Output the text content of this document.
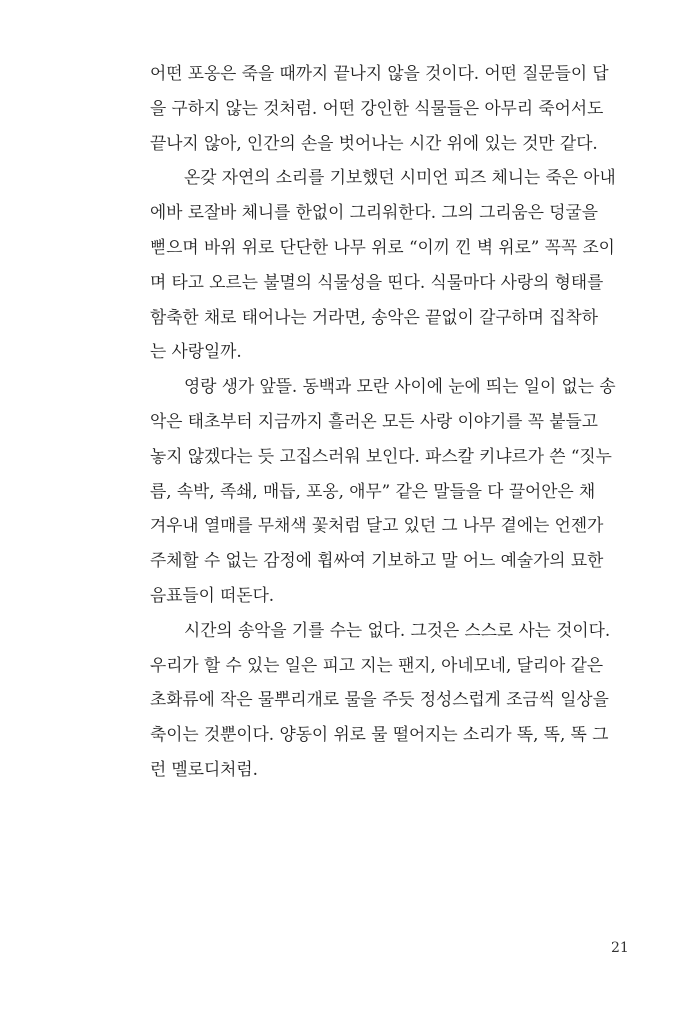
어떤 포옹은 죽을 때까지 끝나지 않을 것이다. 어떤 질문들이 답
을 구하지 않는 것처럼. 어떤 강인한 식물들은 아무리 죽어서도
끝나지 않아, 인간의 손을 벗어나는 시간 위에 있는 것만 같다.
온갖 자연의 소리를 기보했던 시미언 피즈 체니는 죽은 아내
에바 로잘바 체니를 한없이 그리워한다. 그의 그리움은 덩굴을
뻗으며 바위 위로 단단한 나무 위로 “이끼 낀 벽 위로” 꼭꼭 조이
며 타고 오르는 불멸의 식물성을 띤다. 식물마다 사랑의 형태를
함축한 채로 태어나는 거라면, 송악은 끝없이 갈구하며 집착하
는 사랑일까.
영랑 생가 앞뜰. 동백과 모란 사이에 눈에 띄는 일이 없는 송
악은 태초부터 지금까지 흘러온 모든 사랑 이야기를 꼭 붙들고
놓지 않겠다는 듯 고집스러워 보인다. 파스칼 키냐르가 쓴 “짓누
름, 속박, 족쇄, 매듭, 포옹, 애무” 같은 말들을 다 끌어안은 채
겨우내 열매를 무채색 꽃처럼 달고 있던 그 나무 곁에는 언젠가
주체할 수 없는 감정에 휩싸여 기보하고 말 어느 예술가의 묘한
음표들이 떠돈다.
시간의 송악을 기를 수는 없다. 그것은 스스로 사는 것이다.
우리가 할 수 있는 일은 피고 지는 팬지, 아네모네, 달리아 같은
초화류에 작은 물뿌리개로 물을 주듯 정성스럽게 조금씩 일상을
축이는 것뿐이다. 양동이 위로 물 떨어지는 소리가 똑, 똑, 똑 그
런 멜로디처럼.
21
